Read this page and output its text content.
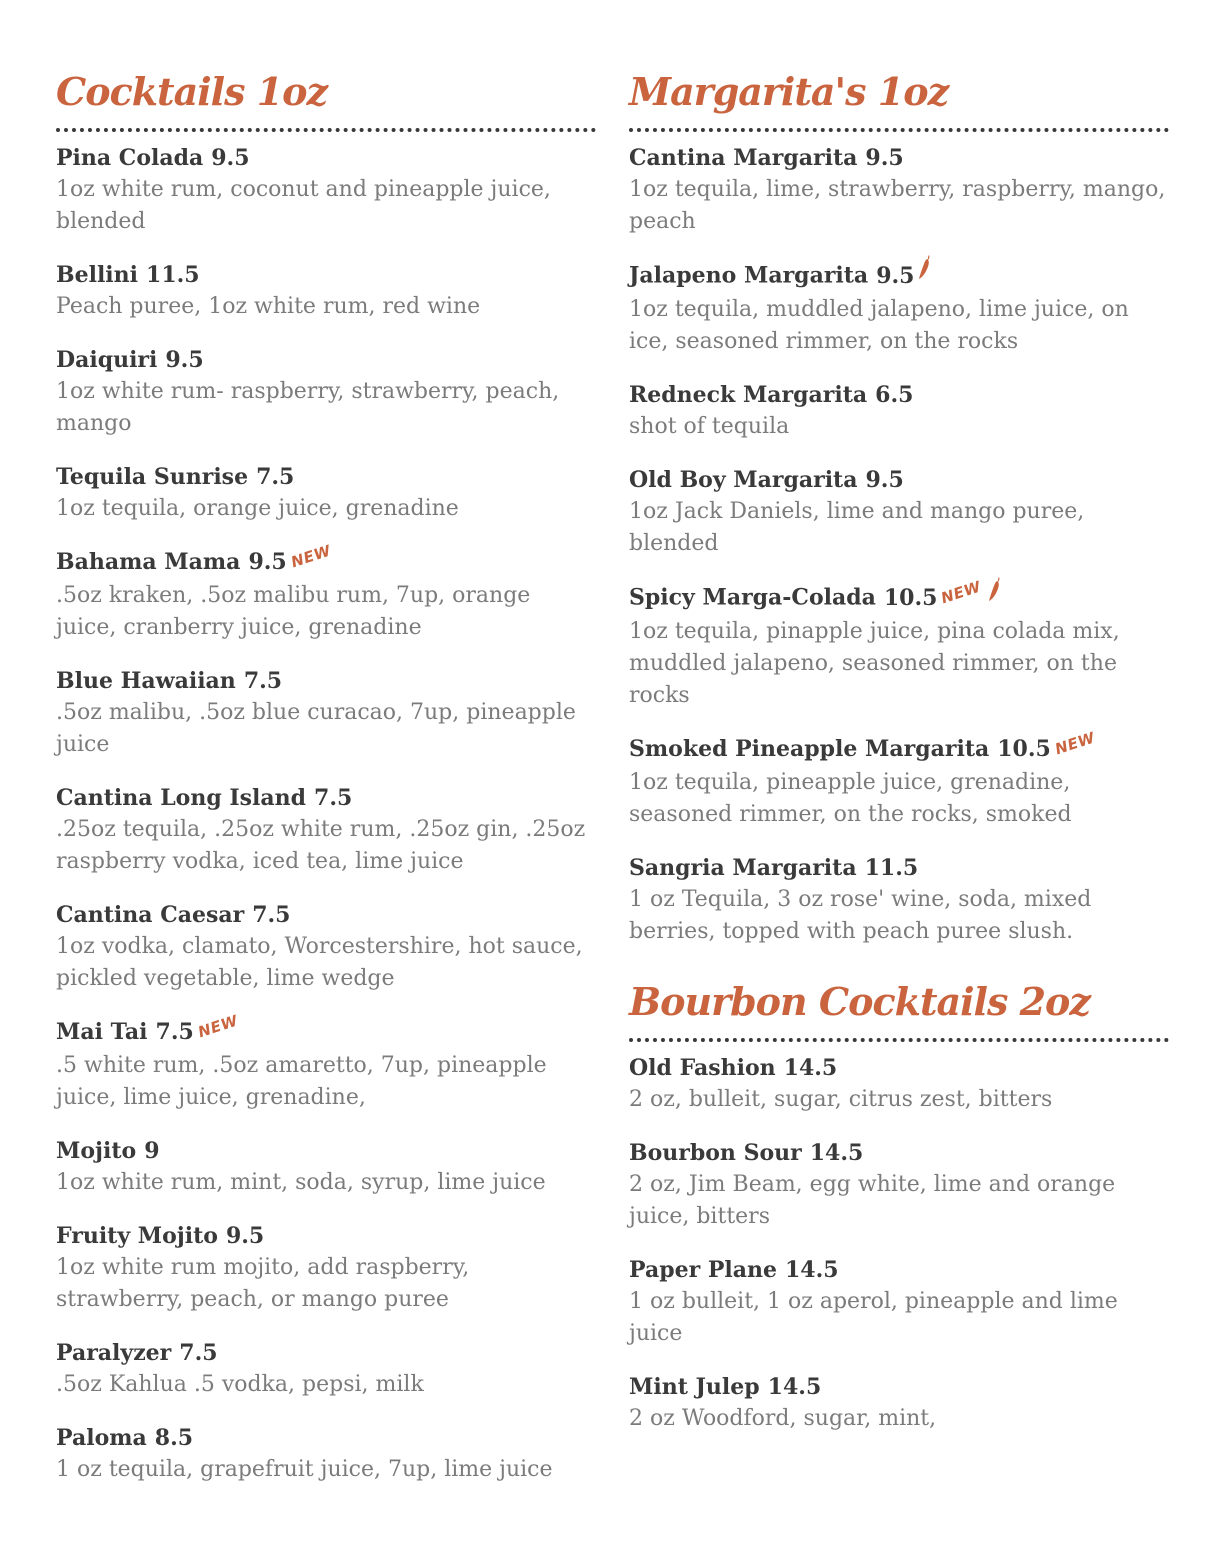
Cocktails 1oz
Pina Colada 9.5
1oz white rum, coconut and pineapple juice, blended
Bellini 11.5
Peach puree, 1oz white rum, red wine
Daiquiri 9.5
1oz white rum- raspberry, strawberry, peach, mango
Tequila Sunrise 7.5
1oz tequila, orange juice, grenadine
Bahama Mama 9.5 NEW
.5oz kraken, .5oz malibu rum, 7up, orange juice, cranberry juice, grenadine
Blue Hawaiian 7.5
.5oz malibu, .5oz blue curacao, 7up, pineapple juice
Cantina Long Island 7.5
.25oz tequila, .25oz white rum, .25oz gin, .25oz raspberry vodka, iced tea, lime juice
Cantina Caesar 7.5
1oz vodka, clamato, Worcestershire, hot sauce, pickled vegetable, lime wedge
Mai Tai 7.5 NEW
.5 white rum, .5oz amaretto, 7up, pineapple juice, lime juice, grenadine,
Mojito 9
1oz white rum, mint, soda, syrup, lime juice
Fruity Mojito 9.5
1oz white rum mojito, add raspberry, strawberry, peach, or mango puree
Paralyzer 7.5
.5oz Kahlua .5 vodka, pepsi, milk
Paloma 8.5
1 oz tequila, grapefruit juice, 7up, lime juice
Margarita's 1oz
Cantina Margarita 9.5
1oz tequila, lime, strawberry, raspberry, mango, peach
Jalapeno Margarita 9.5
1oz tequila, muddled jalapeno, lime juice, on ice, seasoned rimmer, on the rocks
Redneck Margarita 6.5
shot of tequila
Old Boy Margarita 9.5
1oz Jack Daniels, lime and mango puree, blended
Spicy Marga-Colada 10.5 NEW
1oz tequila, pinapple juice, pina colada mix, muddled jalapeno, seasoned rimmer, on the rocks
Smoked Pineapple Margarita 10.5 NEW
1oz tequila, pineapple juice, grenadine, seasoned rimmer, on the rocks, smoked
Sangria Margarita 11.5
1 oz Tequila, 3 oz rose' wine, soda, mixed berries, topped with peach puree slush.
Bourbon Cocktails 2oz
Old Fashion 14.5
2 oz, bulleit, sugar, citrus zest, bitters
Bourbon Sour 14.5
2 oz, Jim Beam, egg white, lime and orange juice, bitters
Paper Plane 14.5
1 oz bulleit, 1 oz aperol, pineapple and lime juice
Mint Julep 14.5
2 oz Woodford, sugar, mint,
